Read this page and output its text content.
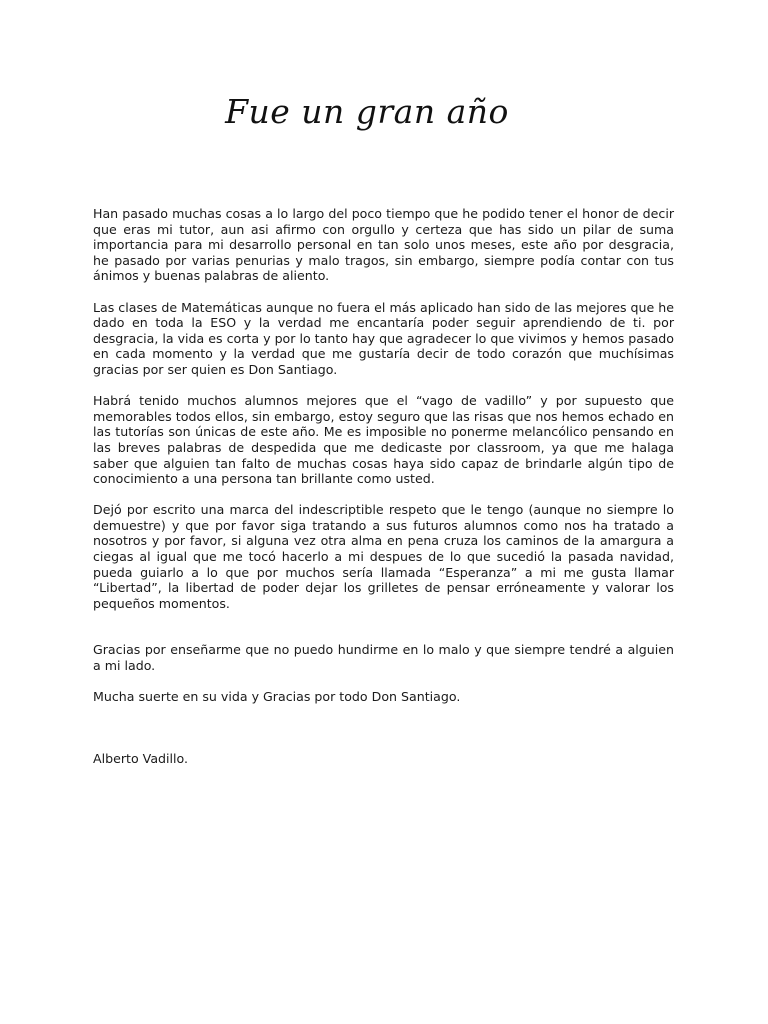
Fue un gran año

Han pasado muchas cosas a lo largo del poco tiempo que he podido tener el honor de decir que eras mi tutor, aun asi afirmo con orgullo y certeza que has sido un pilar de suma importancia para mi desarrollo personal en tan solo unos meses, este año por desgracia, he pasado por varias penurias y malo tragos, sin embargo, siempre podía contar con tus ánimos y buenas palabras de aliento.

Las clases de Matemáticas aunque no fuera el más aplicado han sido de las mejores que he dado en toda la ESO y la verdad me encantaría poder seguir aprendiendo de ti. por desgracia, la vida es corta y por lo tanto hay que agradecer lo que vivimos y hemos pasado en cada momento y la verdad que me gustaría decir de todo corazón que muchísimas gracias por ser quien es Don Santiago.

Habrá tenido muchos alumnos mejores que el “vago de vadillo” y por supuesto que memorables todos ellos, sin embargo, estoy seguro que las risas que nos hemos echado en las tutorías son únicas de este año. Me es imposible no ponerme melancólico pensando en las breves palabras de despedida que me dedicaste por classroom, ya que me halaga saber que alguien tan falto de muchas cosas haya sido capaz de brindarle algún tipo de conocimiento a una persona tan brillante como usted.

Dejó por escrito una marca del indescriptible respeto que le tengo (aunque no siempre lo demuestre) y que por favor siga tratando a sus futuros alumnos como nos ha tratado a nosotros y por favor, si alguna vez otra alma en pena cruza los caminos de la amargura a ciegas al igual que me tocó hacerlo a mi despues de lo que sucedió la pasada navidad, pueda guiarlo a lo que por muchos sería llamada “Esperanza” a mi me gusta llamar “Libertad”, la libertad de poder dejar los grilletes de pensar erróneamente y valorar los pequeños momentos.

Gracias por enseñarme que no puedo hundirme en lo malo y que siempre tendré a alguien a mi lado.

Mucha suerte en su vida y Gracias por todo Don Santiago.

Alberto Vadillo.
